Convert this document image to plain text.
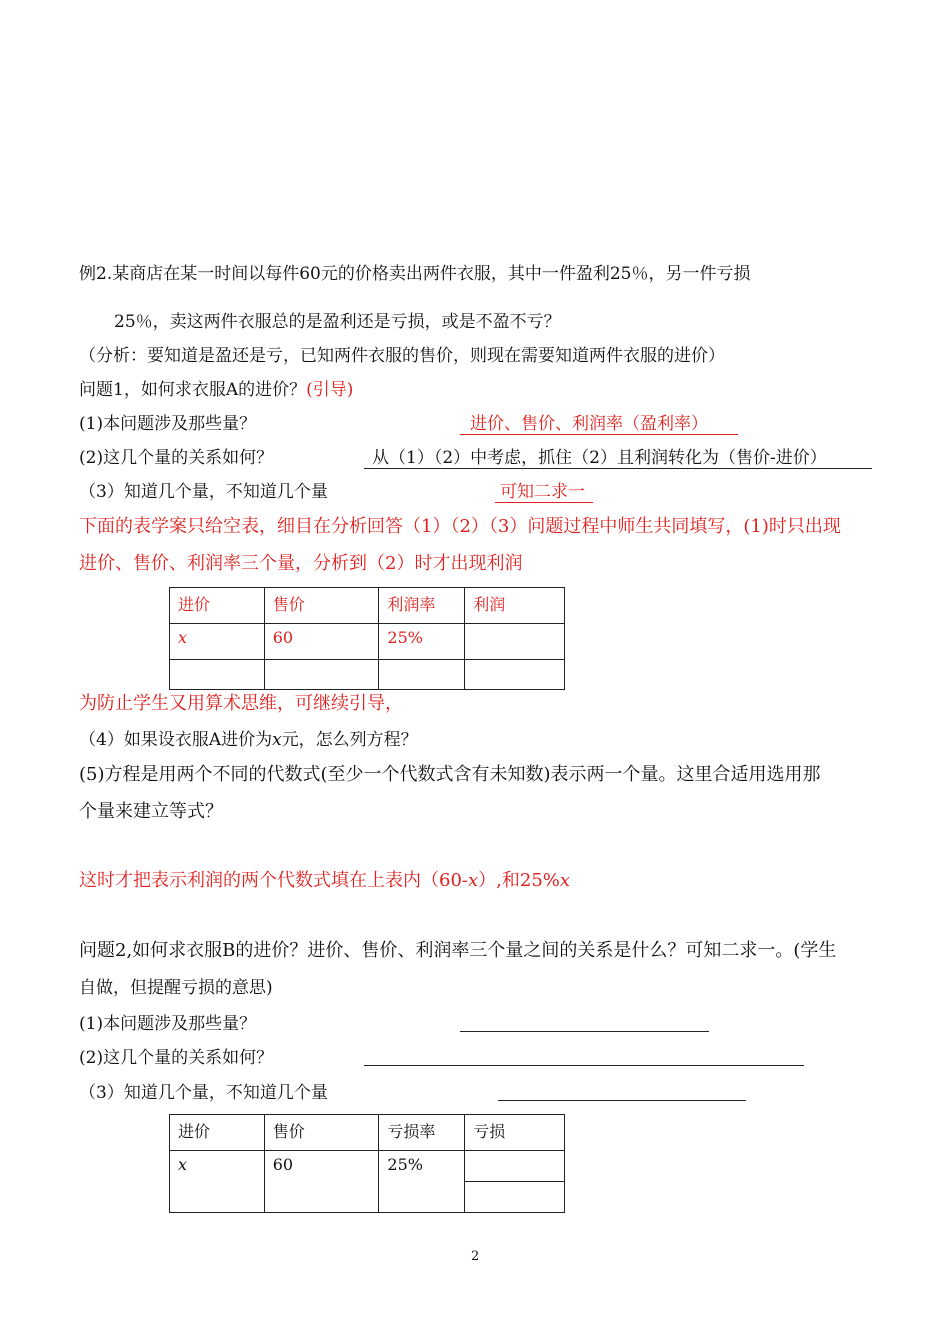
例2.某商店在某一时间以每件60元的价格卖出两件衣服，其中一件盈利25％，另一件亏损
25％，卖这两件衣服总的是盈利还是亏损，或是不盈不亏？
（分析：要知道是盈还是亏，已知两件衣服的售价，则现在需要知道两件衣服的进价）
问题1，如何求衣服A的进价？(引导)
(1)本问题涉及那些量？	进价、售价、利润率（盈利率）
(2)这几个量的关系如何？	从（1）（2）中考虑，抓住（2）且利润转化为（售价-进价）
（3）知道几个量，不知道几个量	可知二求一
下面的表学案只给空表，细目在分析回答（1）（2）（3）问题过程中师生共同填写，(1)时只出现
进价、售价、利润率三个量，分析到（2）时才出现利润
进价	售价	利润率	利润
x	60	25%	

为防止学生又用算术思维，可继续引导，
（4）如果设衣服A进价为x元，怎么列方程？
(5)方程是用两个不同的代数式(至少一个代数式含有未知数)表示两一个量。这里合适用选用那
个量来建立等式？
这时才把表示利润的两个代数式填在上表内（60-x）,和25%x
问题2,如何求衣服B的进价？进价、售价、利润率三个量之间的关系是什么？可知二求一。(学生
自做，但提醒亏损的意思)
(1)本问题涉及那些量？
(2)这几个量的关系如何？
（3）知道几个量，不知道几个量
进价	售价	亏损率	亏损
x	60	25%	

2
